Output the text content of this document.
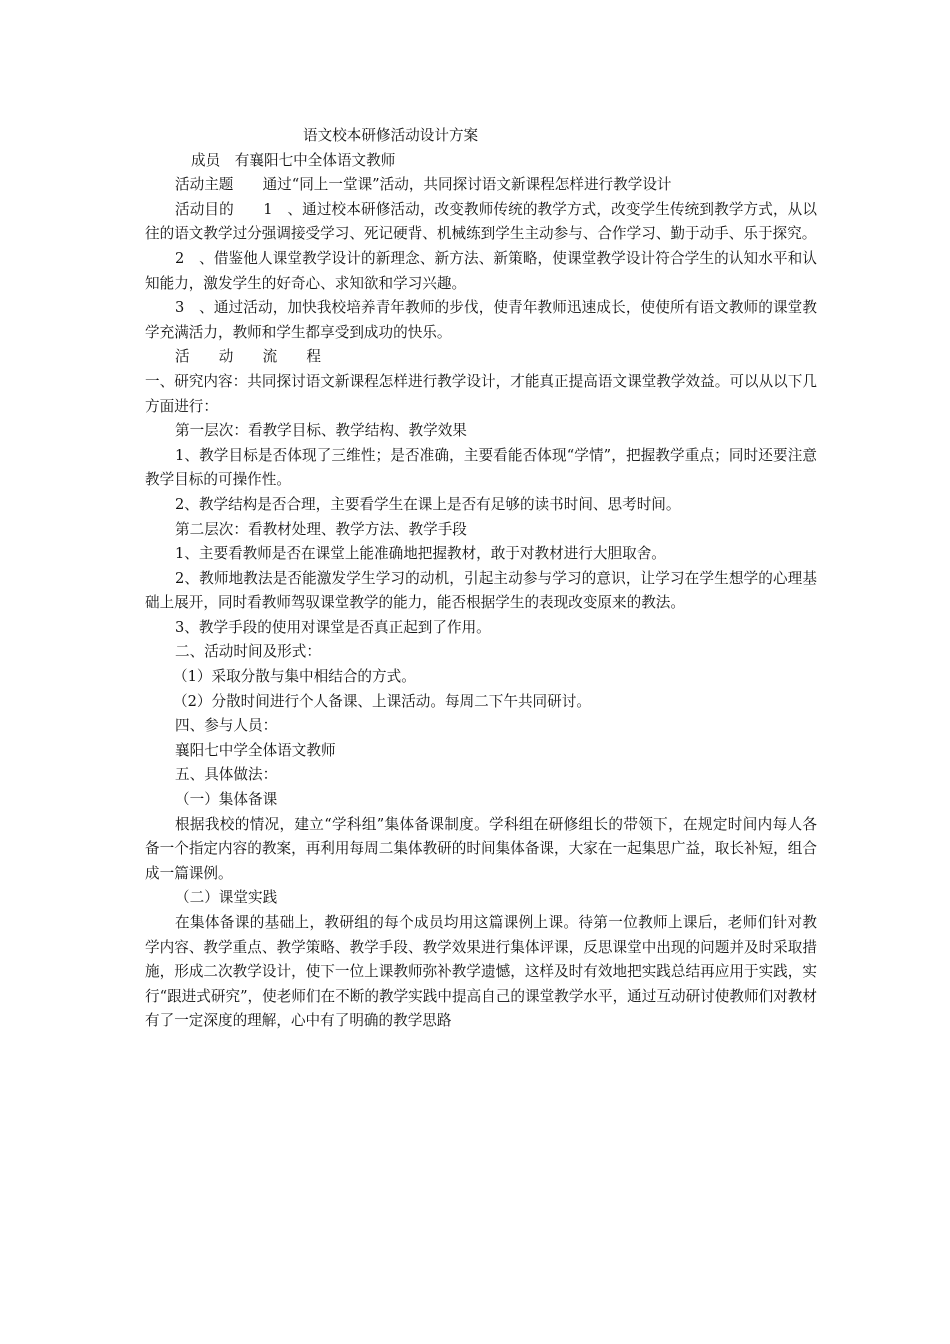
语文校本研修活动设计方案

成员　有襄阳七中全体语文教师

活动主题　　通过“同上一堂课”活动，共同探讨语文新课程怎样进行教学设计

活动目的　　1　、通过校本研修活动，改变教师传统的教学方式，改变学生传统到教学方式，从以往的语文教学过分强调接受学习、死记硬背、机械练到学生主动参与、合作学习、勤于动手、乐于探究。

2　、借鉴他人课堂教学设计的新理念、新方法、新策略，使课堂教学设计符合学生的认知水平和认知能力，激发学生的好奇心、求知欲和学习兴趣。

3　、通过活动，加快我校培养青年教师的步伐，使青年教师迅速成长，使使所有语文教师的课堂教学充满活力，教师和学生都享受到成功的快乐。

活　　动　　流　　程

一、研究内容：共同探讨语文新课程怎样进行教学设计，才能真正提高语文课堂教学效益。可以从以下几方面进行：

第一层次：看教学目标、教学结构、教学效果

1、教学目标是否体现了三维性；是否准确，主要看能否体现“学情”，把握教学重点；同时还要注意教学目标的可操作性。

2、教学结构是否合理，主要看学生在课上是否有足够的读书时间、思考时间。

第二层次：看教材处理、教学方法、教学手段

1、主要看教师是否在课堂上能准确地把握教材，敢于对教材进行大胆取舍。

2、教师地教法是否能激发学生学习的动机，引起主动参与学习的意识，让学习在学生想学的心理基础上展开，同时看教师驾驭课堂教学的能力，能否根据学生的表现改变原来的教法。

3、教学手段的使用对课堂是否真正起到了作用。

二、活动时间及形式：

（1）采取分散与集中相结合的方式。

（2）分散时间进行个人备课、上课活动。每周二下午共同研讨。

四、参与人员：

襄阳七中学全体语文教师

五、具体做法：

（一）集体备课

根据我校的情况，建立“学科组”集体备课制度。学科组在研修组长的带领下，在规定时间内每人各备一个指定内容的教案，再利用每周二集体教研的时间集体备课，大家在一起集思广益，取长补短，组合成一篇课例。

（二）课堂实践

在集体备课的基础上，教研组的每个成员均用这篇课例上课。待第一位教师上课后，老师们针对教学内容、教学重点、教学策略、教学手段、教学效果进行集体评课，反思课堂中出现的问题并及时采取措施，形成二次教学设计，使下一位上课教师弥补教学遗憾，这样及时有效地把实践总结再应用于实践，实行“跟进式研究”，使老师们在不断的教学实践中提高自己的课堂教学水平，通过互动研讨使教师们对教材有了一定深度的理解，心中有了明确的教学思路
